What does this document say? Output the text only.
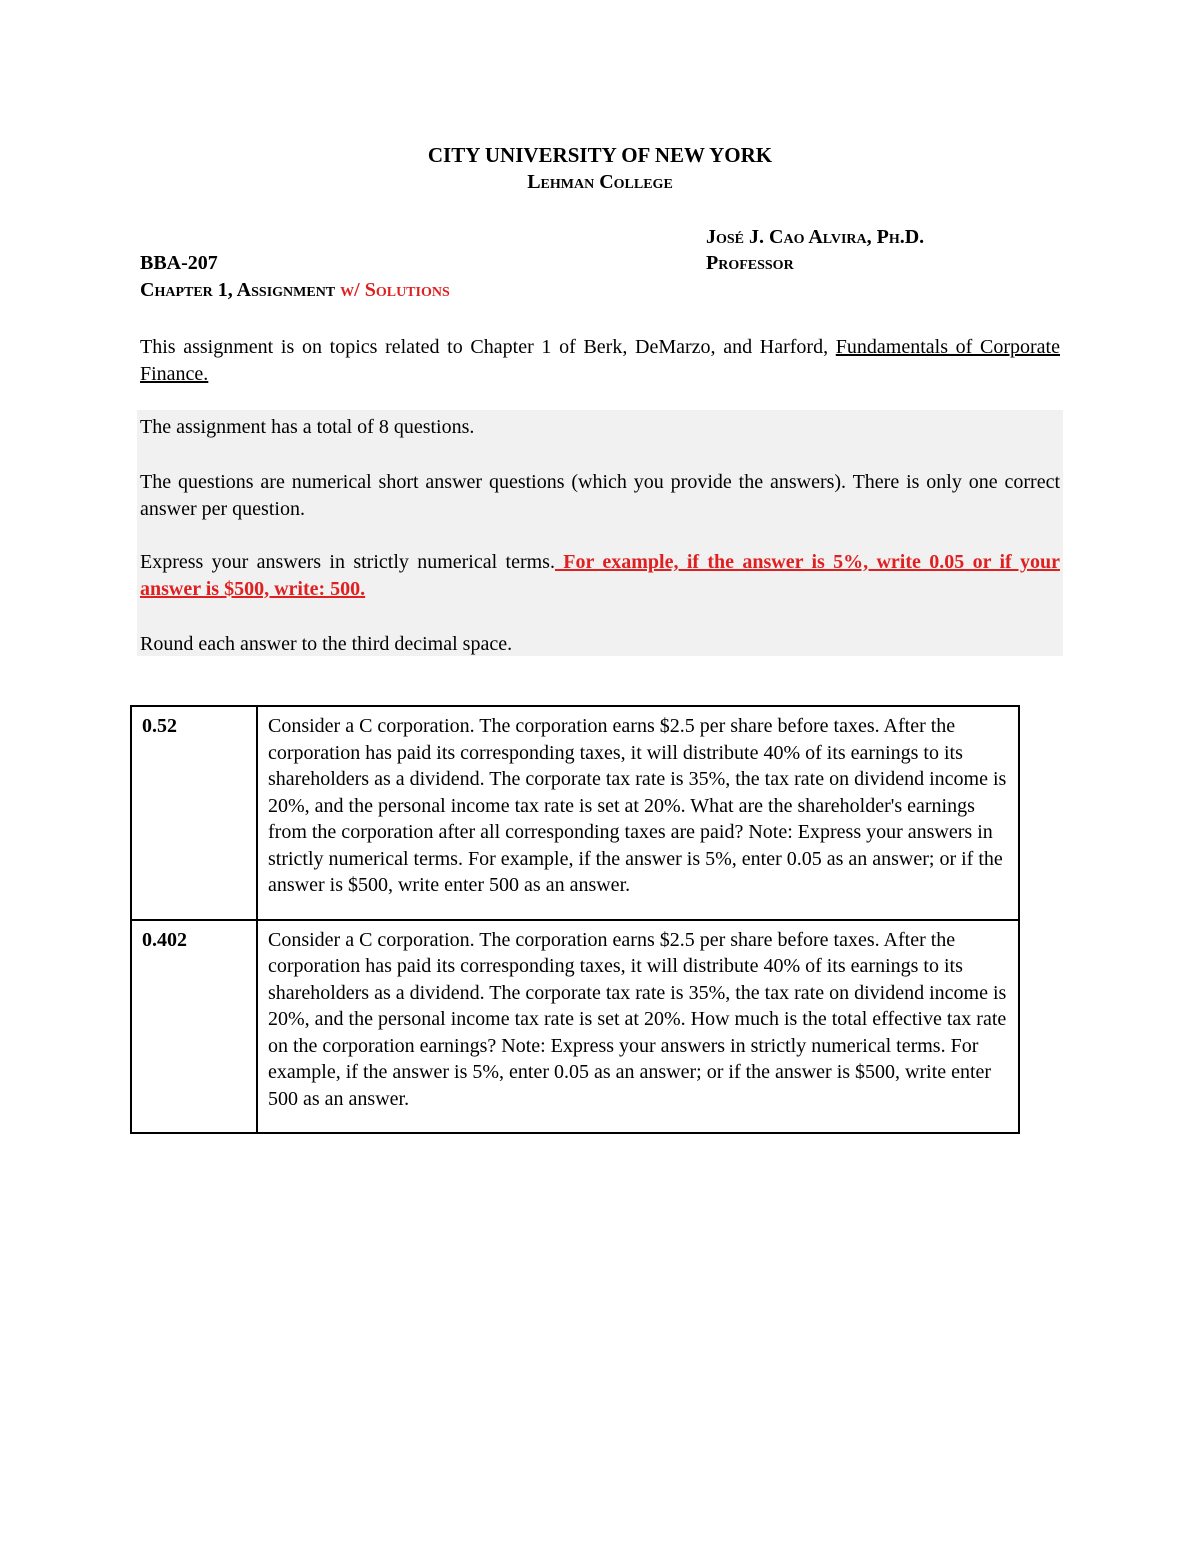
CITY UNIVERSITY OF NEW YORK
Lehman College
José J. Cao Alvira, Ph.D.
BBA-207	Professor
Chapter 1, Assignment w/ Solutions
This assignment is on topics related to Chapter 1 of Berk, DeMarzo, and Harford, Fundamentals of Corporate Finance.
The assignment has a total of 8 questions.
The questions are numerical short answer questions (which you provide the answers). There is only one correct answer per question.
Express your answers in strictly numerical terms. For example, if the answer is 5%, write 0.05 or if your answer is $500, write: 500.
Round each answer to the third decimal space.
0.52	Consider a C corporation. The corporation earns $2.5 per share before taxes. After the corporation has paid its corresponding taxes, it will distribute 40% of its earnings to its shareholders as a dividend. The corporate tax rate is 35%, the tax rate on dividend income is 20%, and the personal income tax rate is set at 20%. What are the shareholder's earnings from the corporation after all corresponding taxes are paid? Note: Express your answers in strictly numerical terms. For example, if the answer is 5%, enter 0.05 as an answer; or if the answer is $500, write enter 500 as an answer.
0.402	Consider a C corporation. The corporation earns $2.5 per share before taxes. After the corporation has paid its corresponding taxes, it will distribute 40% of its earnings to its shareholders as a dividend. The corporate tax rate is 35%, the tax rate on dividend income is 20%, and the personal income tax rate is set at 20%. How much is the total effective tax rate on the corporation earnings? Note: Express your answers in strictly numerical terms. For example, if the answer is 5%, enter 0.05 as an answer; or if the answer is $500, write enter 500 as an answer.
